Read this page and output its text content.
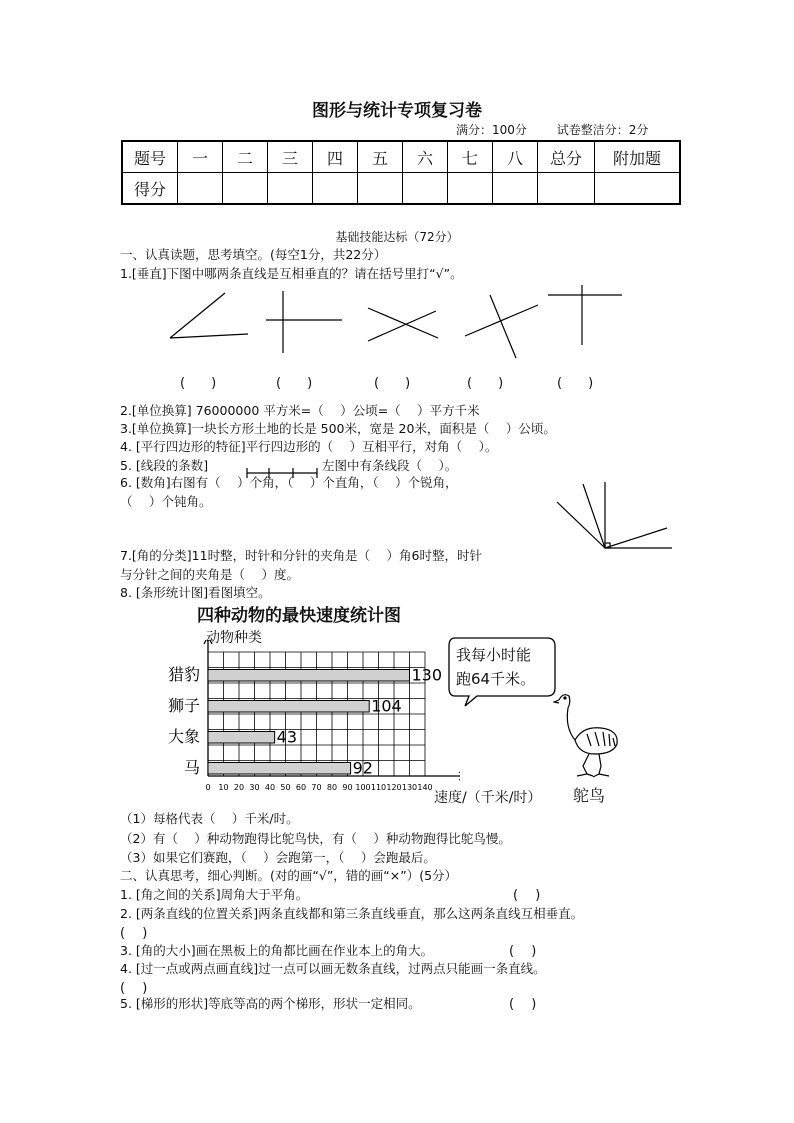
图形与统计专项复习卷
满分：100分 试卷整洁分：2分
题号	一	二	三	四	五	六	七	八	总分	附加题
得分										
基础技能达标（72分）
一、认真读题，思考填空。(每空1分，共22分）
1.[垂直]下图中哪两条直线是互相垂直的？请在括号里打“√”。
(　　)	(　　)	(　　)	(　　)	(　　)
2.[单位换算] 76000000 平方米=（　 ）公顷=（　 ）平方千米
3.[单位换算]一块长方形土地的长是 500米，宽是 20米，面积是（　 ）公顷。
4. [平行四边形的特征]平行四边形的（　 ）互相平行，对角（　 ）。
5. [线段的条数]	左图中有条线段（　 ）。
6. [数角]右图有（　 ）个角，（　 ）个直角，（　 ）个锐角，
（　 ）个钝角。
7.[角的分类]11时整，时针和分针的夹角是（　 ）角6时整，时针
与分针之间的夹角是（　 ）度。
8. [条形统计图]看图填空。
四种动物的最快速度统计图
动物种类
猎豹	130
狮子	104
大象	43
马	92
0 10 20 30 40 50 60 70 80 90 100 110 120 130 140
速度/（千米/时）
我每小时能
跑64千米。
鸵鸟
（1）每格代表（　 ）千米/时。
（2）有（　 ）种动物跑得比鸵鸟快，有（　 ）种动物跑得比鸵鸟慢。
（3）如果它们赛跑，（　 ）会跑第一，（　 ）会跑最后。
二、认真思考，细心判断。(对的画“√”，错的画“×”）(5分）
1. [角之间的关系]周角大于平角。	(　 )
2. [两条直线的位置关系]两条直线都和第三条直线垂直，那么这两条直线互相垂直。
(　 )
3. [角的大小]画在黑板上的角都比画在作业本上的角大。	(　 )
4. [过一点或两点画直线]过一点可以画无数条直线，过两点只能画一条直线。
(　 )
5. [梯形的形状]等底等高的两个梯形，形状一定相同。	(　 )
